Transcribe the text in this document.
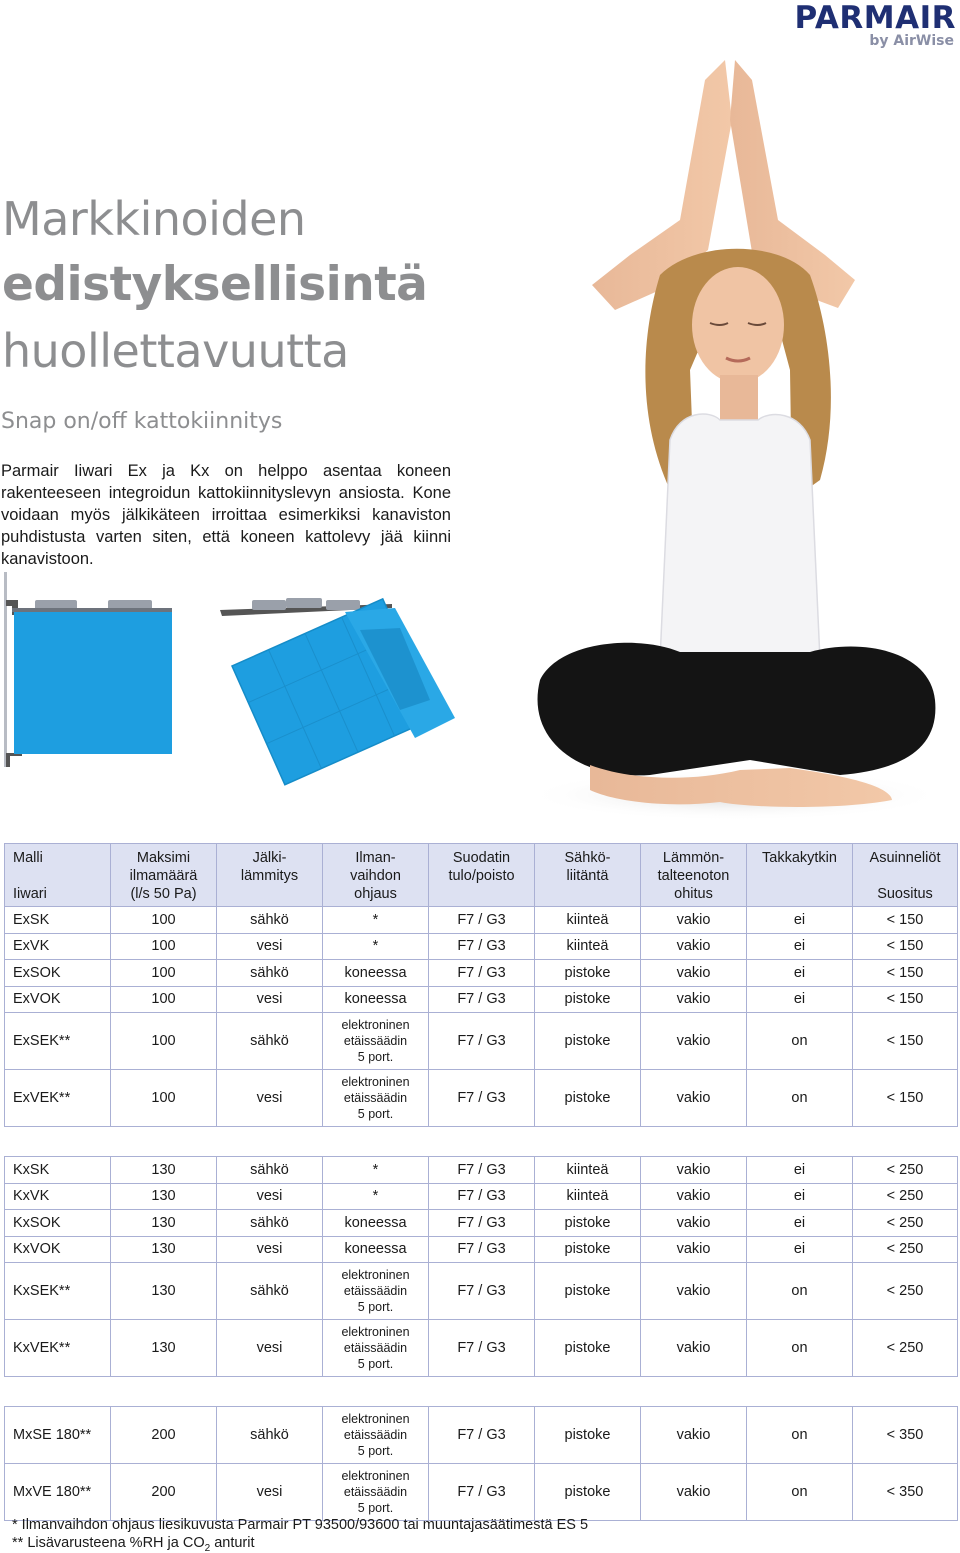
PARMAIR
by AirWise
Markkinoiden
edistyksellisintä
huollettavuutta
Snap on/off kattokiinnitys

Parmair Iiwari Ex ja Kx on helppo asentaa koneen rakenteeseen integroidun kattokiinnityslevyn ansiosta. Kone voidaan myös jälkikäteen irroittaa esimerkiksi kanaviston puhdistusta varten siten, että koneen kattolevy jää kiinni kanavistoon.

Malli
Iiwari	Maksimi
ilmamäärä
(l/s 50 Pa)	Jälki-
lämmitys	Ilman-
vaihdon
ohjaus	Suodatin
tulo/poisto	Sähkö-
liitäntä	Lämmön-
talteenoton
ohitus	Takkakytkin	Asuinneliöt
Suositus

ExSK	100	sähkö	*	F7 / G3	kiinteä	vakio	ei	< 150
ExVK	100	vesi	*	F7 / G3	kiinteä	vakio	ei	< 150
ExSOK	100	sähkö	koneessa	F7 / G3	pistoke	vakio	ei	< 150
ExVOK	100	vesi	koneessa	F7 / G3	pistoke	vakio	ei	< 150
ExSEK**	100	sähkö	elektroninen
etäissäädin
5 port.	F7 / G3	pistoke	vakio	on	< 150
ExVEK**	100	vesi	elektroninen
etäissäädin
5 port.	F7 / G3	pistoke	vakio	on	< 150

KxSK	130	sähkö	*	F7 / G3	kiinteä	vakio	ei	< 250
KxVK	130	vesi	*	F7 / G3	kiinteä	vakio	ei	< 250
KxSOK	130	sähkö	koneessa	F7 / G3	pistoke	vakio	ei	< 250
KxVOK	130	vesi	koneessa	F7 / G3	pistoke	vakio	ei	< 250
KxSEK**	130	sähkö	elektroninen
etäissäädin
5 port.	F7 / G3	pistoke	vakio	on	< 250
KxVEK**	130	vesi	elektroninen
etäissäädin
5 port.	F7 / G3	pistoke	vakio	on	< 250

MxSE 180**	200	sähkö	elektroninen
etäissäädin
5 port.	F7 / G3	pistoke	vakio	on	< 350
MxVE 180**	200	vesi	elektroninen
etäissäädin
5 port.	F7 / G3	pistoke	vakio	on	< 350
* Ilmanvaihdon ohjaus liesikuvusta Parmair PT 93500/93600 tai muuntajasäätimestä ES 5
** Lisävarusteena %RH ja $CO_2$ anturit
